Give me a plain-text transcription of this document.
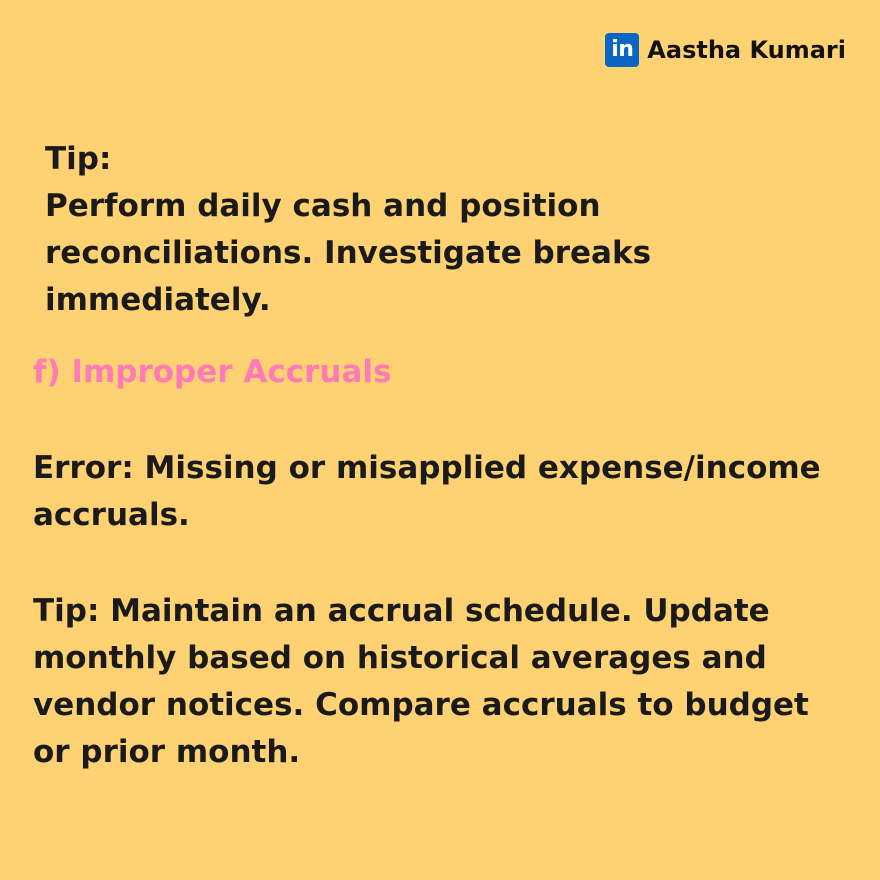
in Aastha Kumari
Tip:
Perform daily cash and position reconciliations. Investigate breaks immediately.
f) Improper Accruals
Error: Missing or misapplied expense/income accruals.
Tip: Maintain an accrual schedule. Update monthly based on historical averages and vendor notices. Compare accruals to budget or prior month.
